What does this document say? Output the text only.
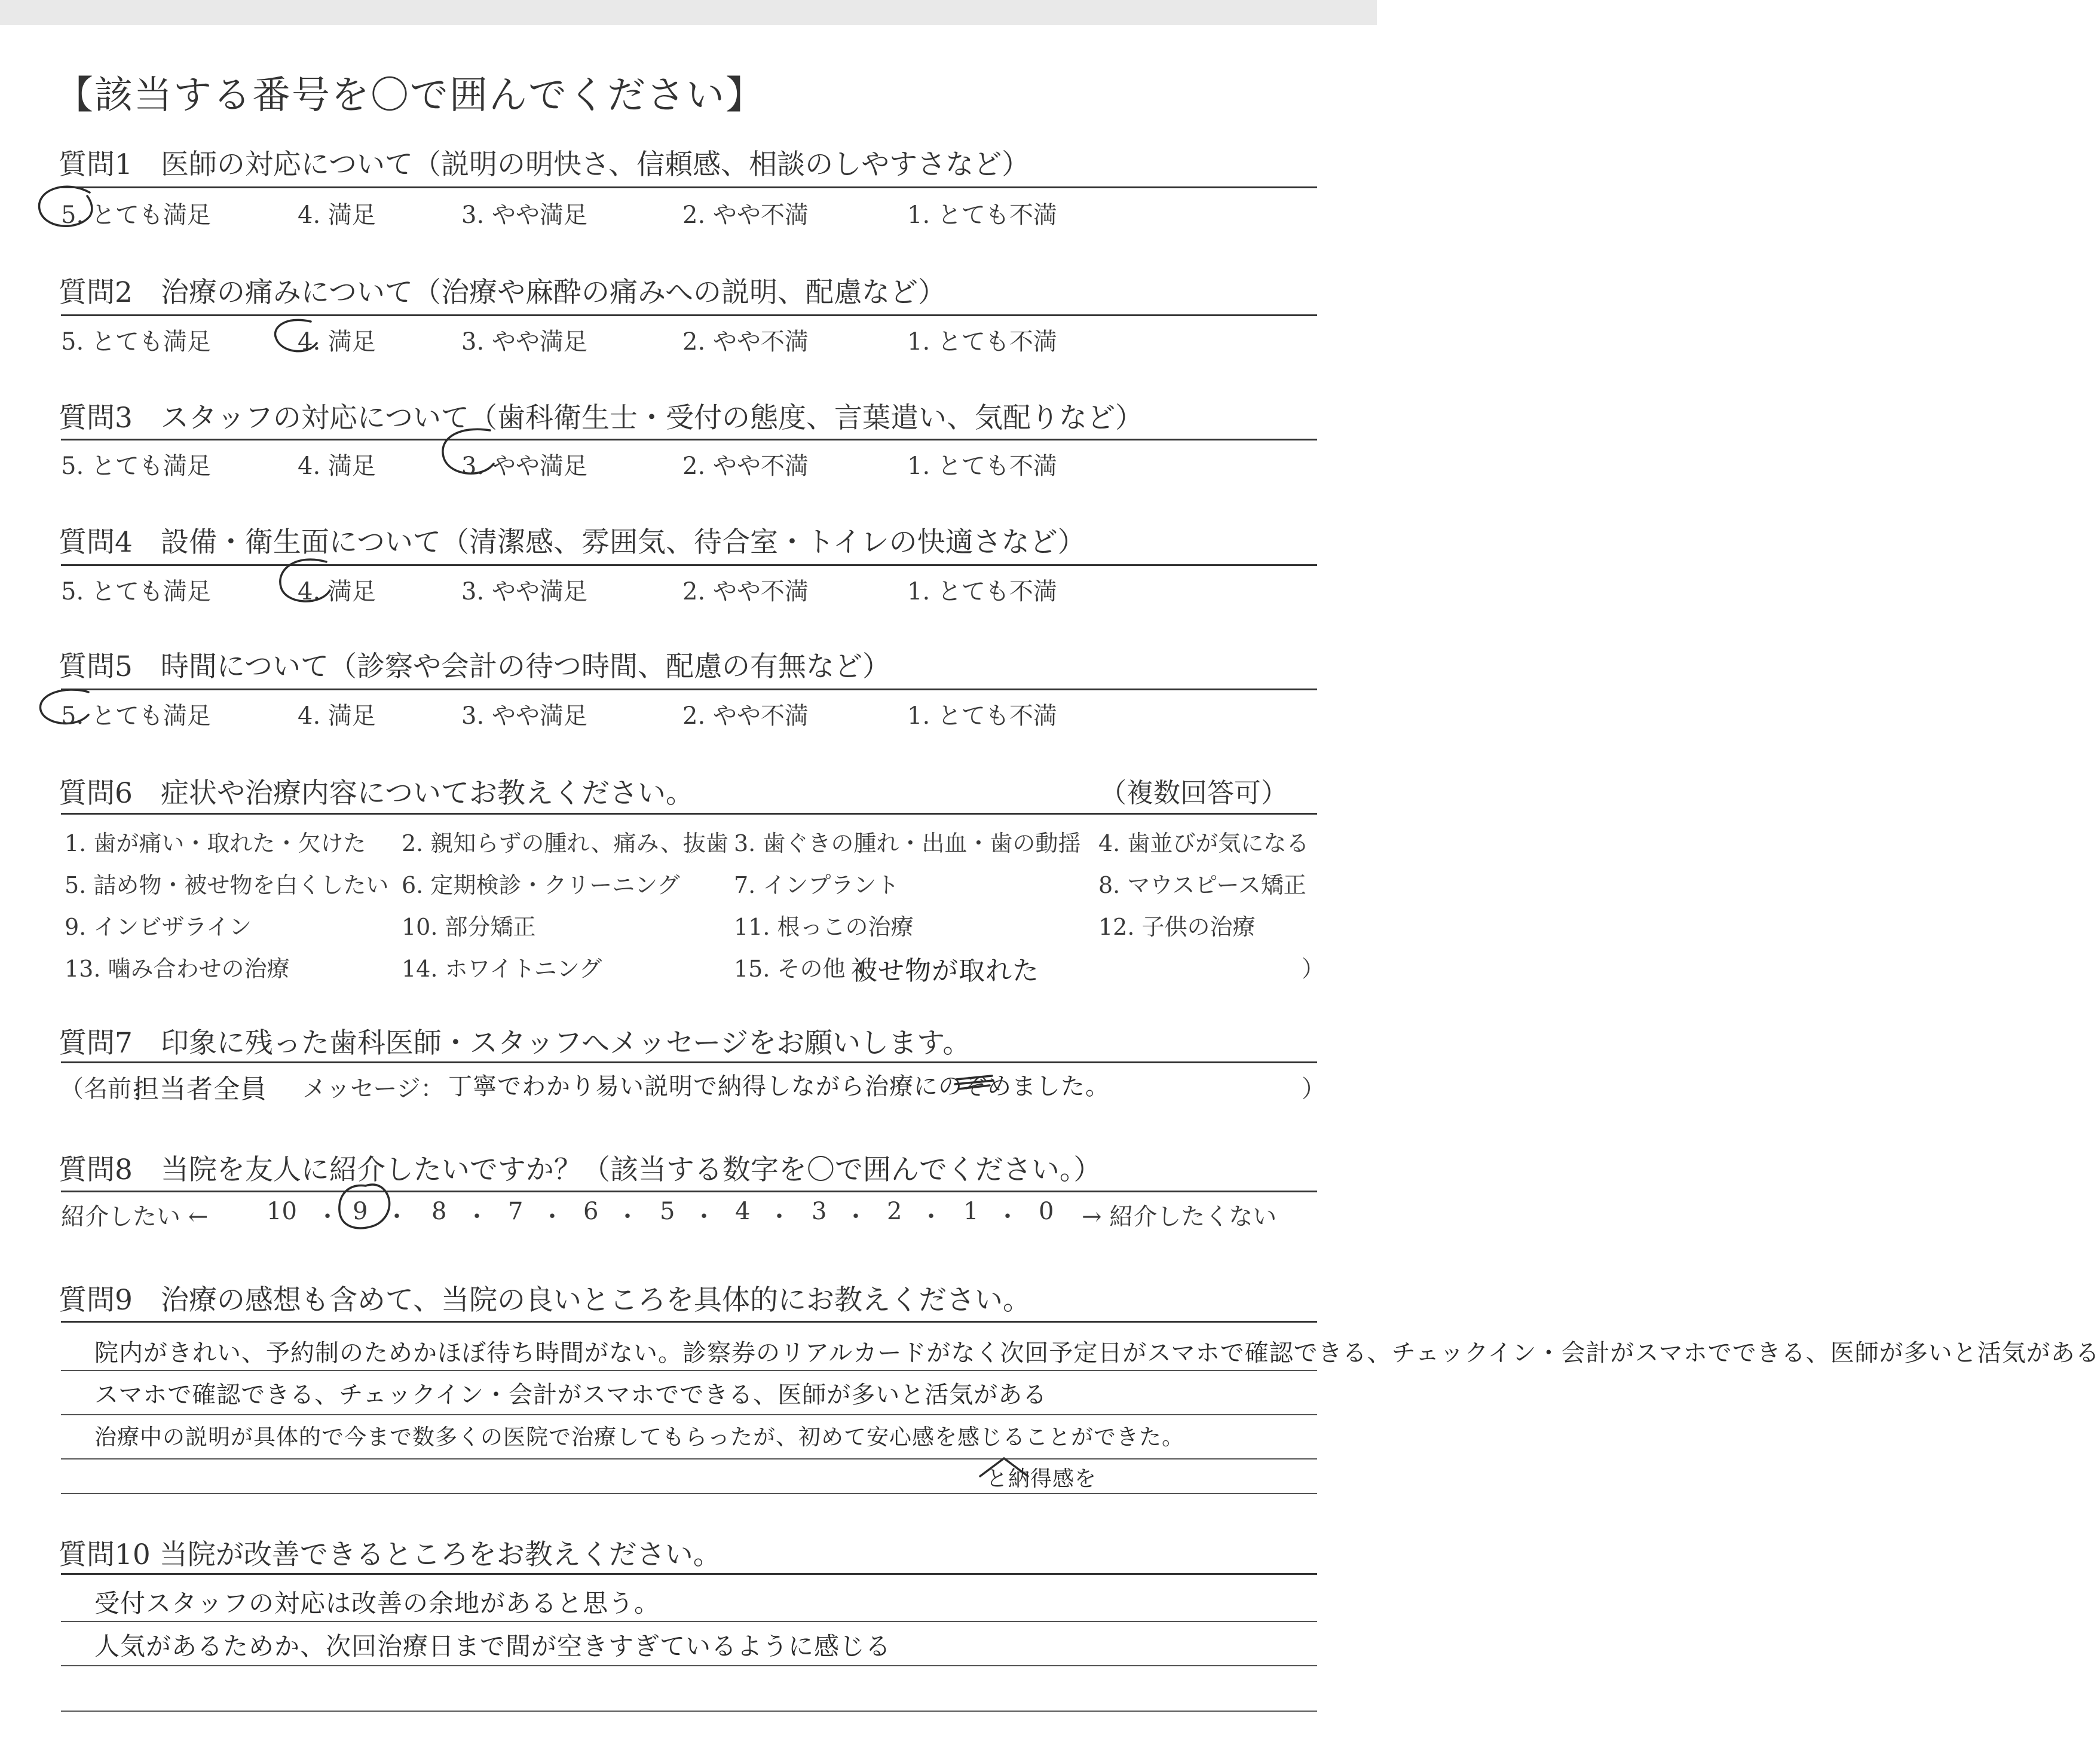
【該当する番号を〇で囲んでください】
質問1　医師の対応について（説明の明快さ、信頼感、相談のしやすさなど）
5. とても満足	4. 満足	3. やや満足	2. やや不満	1. とても不満
質問2　治療の痛みについて（治療や麻酔の痛みへの説明、配慮など）
5. とても満足	4. 満足	3. やや満足	2. やや不満	1. とても不満
質問3　スタッフの対応について（歯科衛生士・受付の態度、言葉遣い、気配りなど）
5. とても満足	4. 満足	3. やや満足	2. やや不満	1. とても不満
質問4　設備・衛生面について（清潔感、雰囲気、待合室・トイレの快適さなど）
5. とても満足	4. 満足	3. やや満足	2. やや不満	1. とても不満
質問5　時間について（診察や会計の待つ時間、配慮の有無など）
5. とても満足	4. 満足	3. やや満足	2. やや不満	1. とても不満
質問6　症状や治療内容についてお教えください。	（複数回答可）
1. 歯が痛い・取れた・欠けた 2. 親知らずの腫れ、痛み、抜歯 3. 歯ぐきの腫れ・出血・歯の動揺 4. 歯並びが気になる
5. 詰め物・被せ物を白くしたい 6. 定期検診・クリーニング 7. インプラント	8. マウスピース矯正
9. インビザライン	10. 部分矯正	11. 根っこの治療	12. 子供の治療
13. 噛み合わせの治療	14. ホワイトニング	15. その他（
被せ物が取れた	）
質問7　印象に残った歯科医師・スタッフへメッセージをお願いします。
（名前：
担当者全員 メッセージ： 丁寧でわかり易い説明で納得しながら治療にのぞめました。	）
質問8　当院を友人に紹介したいですか？（該当する数字を〇で囲んでください。）
紹介したい ← 10 ・ 9 ・ 8 ・ 7 ・ 6 ・ 5 ・ 4 ・ 3 ・ 2 ・ 1 ・ 0 → 紹介したくない
質問9　治療の感想も含めて、当院の良いところを具体的にお教えください。
院内がきれい、予約制のためかほぼ待ち時間がない。診察券のリアルカードがなく次回予定日がスマホで確認できる、チェックイン・会計がスマホでできる、医師が多いと活気がある
スマホで確認できる、チェックイン・会計がスマホでできる、医師が多いと活気がある
治療中の説明が具体的で今まで数多くの医院で治療してもらったが、初めて安心感を感じることができた。
と納得感を
質問10 当院が改善できるところをお教えください。
受付スタッフの対応は改善の余地があると思う。
人気があるためか、次回治療日まで間が空きすぎているように感じる
